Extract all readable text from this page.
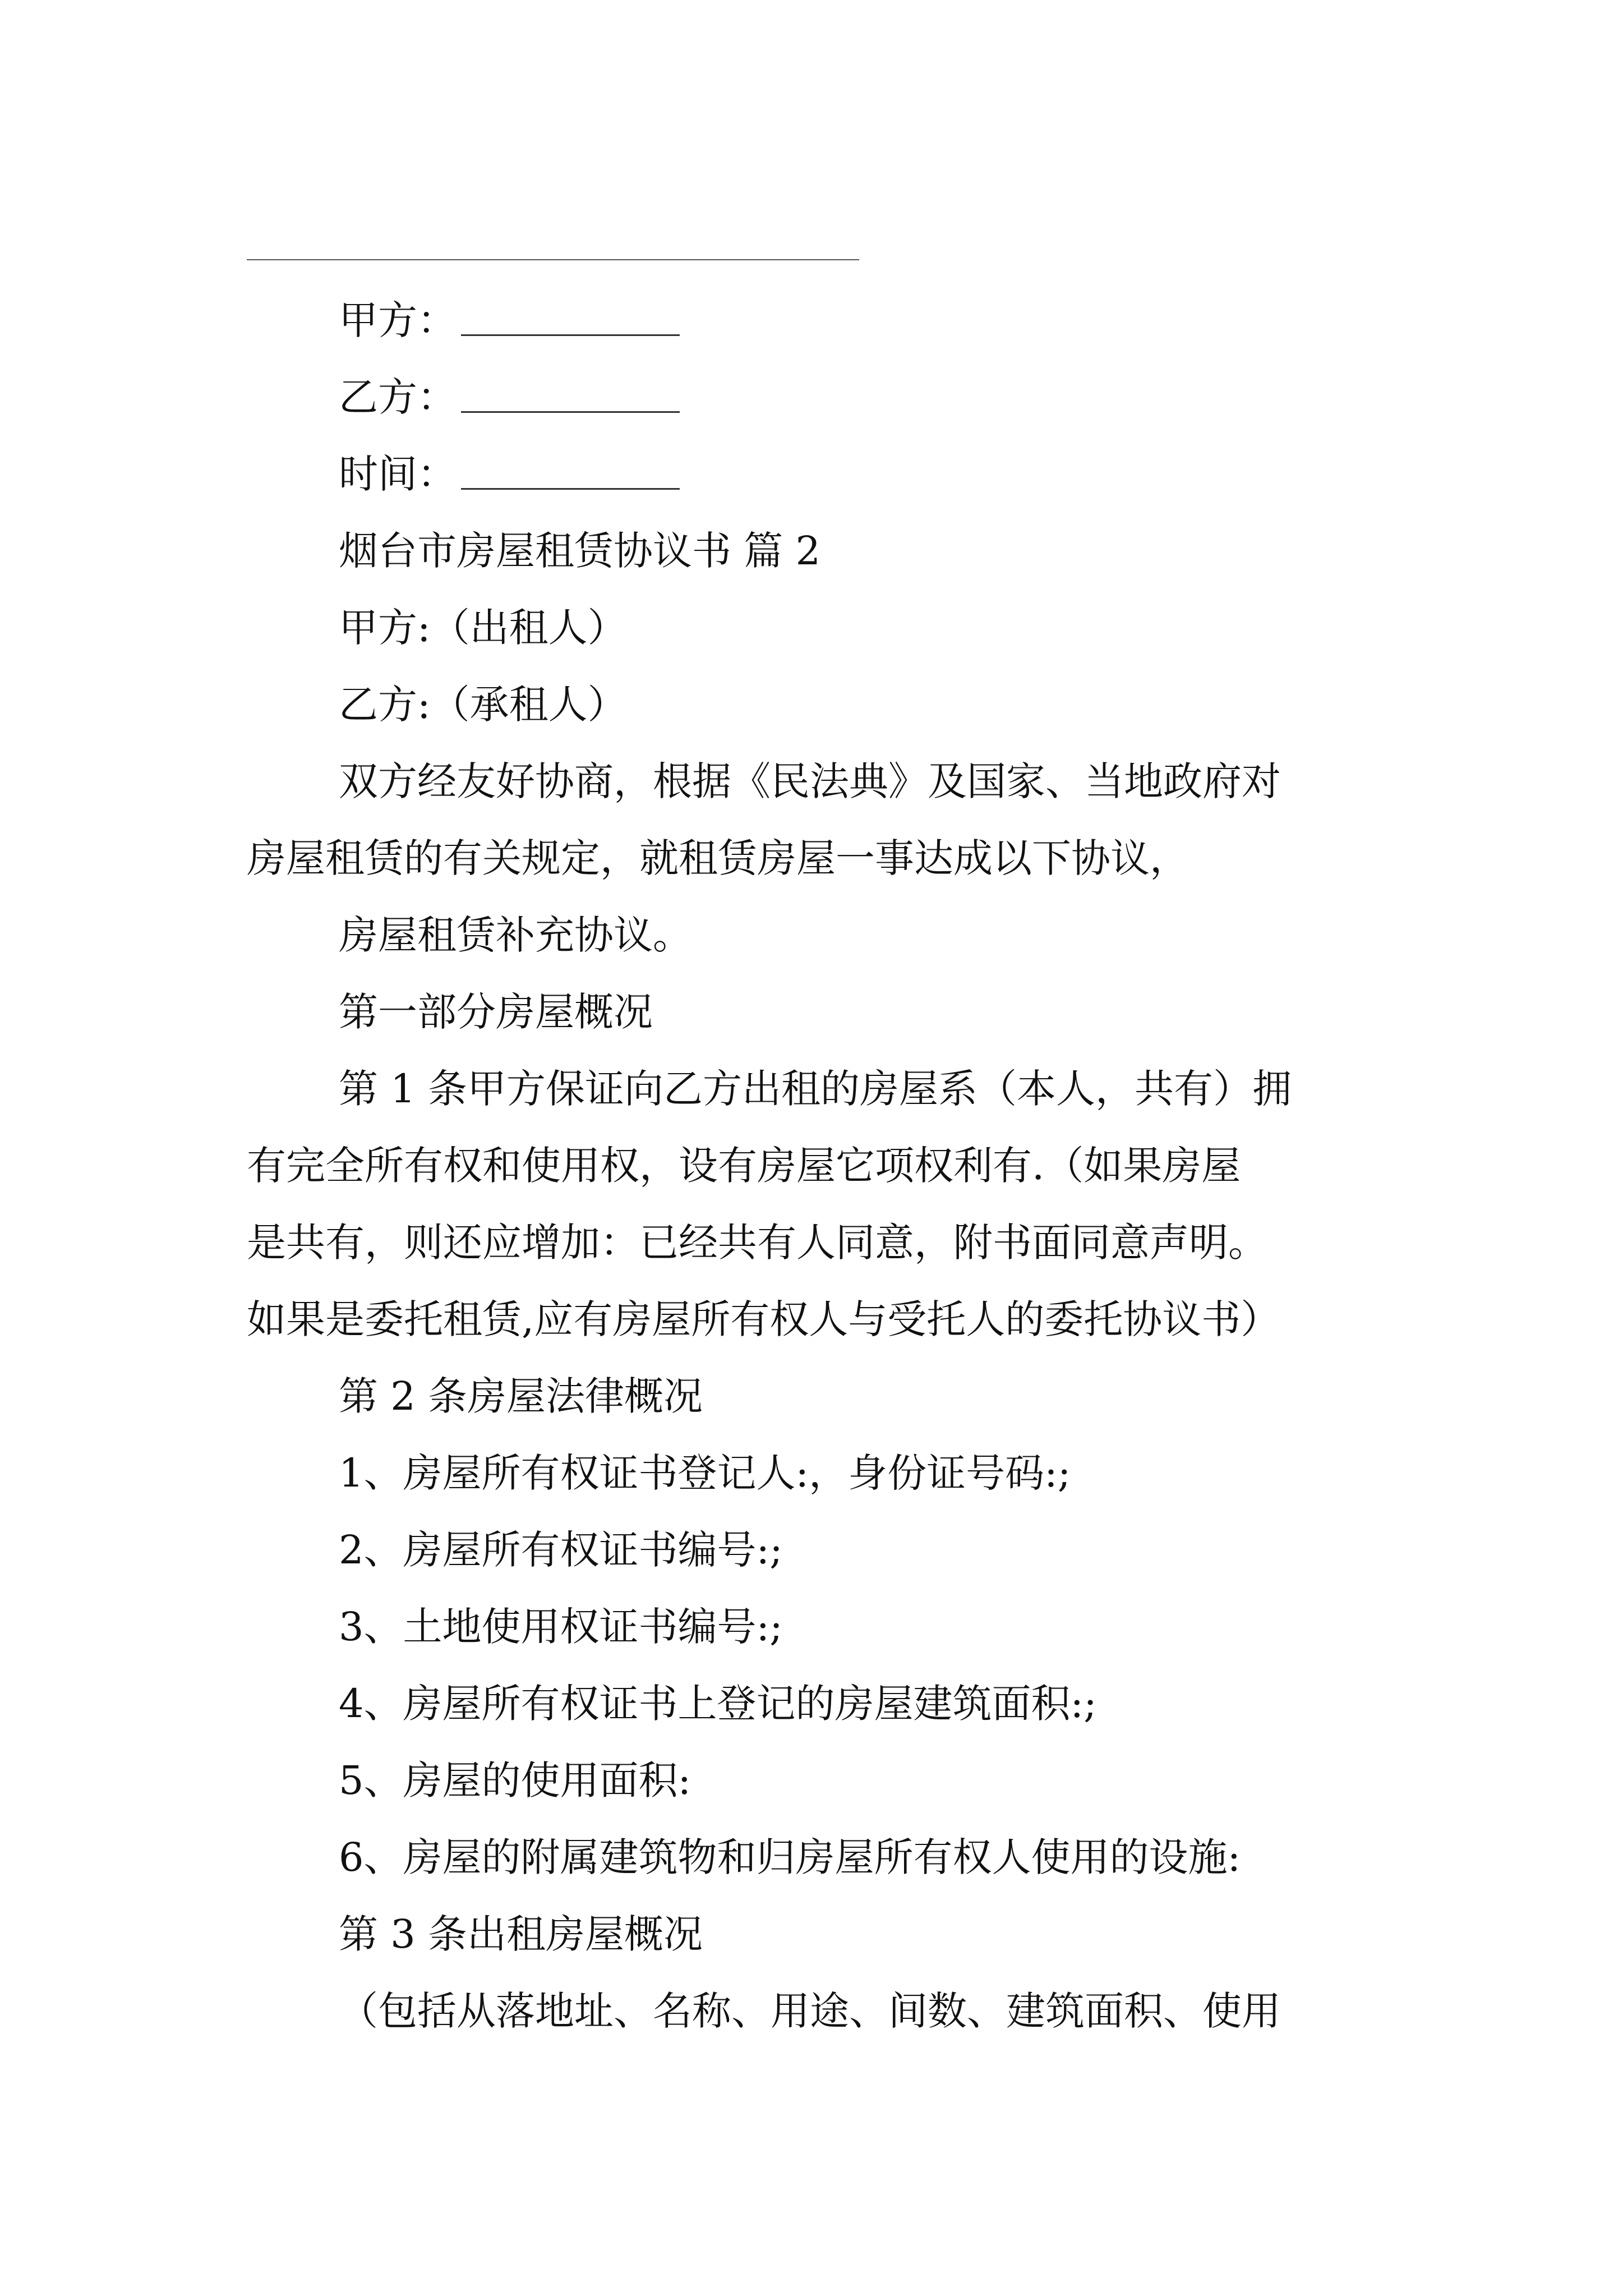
甲方：
乙方：
时间：
烟台市房屋租赁协议书 篇 2
甲方:（出租人）
乙方:（承租人）
双方经友好协商，根据《民法典》及国家、当地政府对
房屋租赁的有关规定，就租赁房屋一事达成以下协议，
房屋租赁补充协议。
第一部分房屋概况
第 1 条甲方保证向乙方出租的房屋系（本人，共有）拥
有完全所有权和使用权，设有房屋它项权利有.（如果房屋
是共有，则还应增加：已经共有人同意，附书面同意声明。
如果是委托租赁,应有房屋所有权人与受托人的委托协议书）
第 2 条房屋法律概况
1、房屋所有权证书登记人:，身份证号码:;
2、房屋所有权证书编号:;
3、土地使用权证书编号:;
4、房屋所有权证书上登记的房屋建筑面积:;
5、房屋的使用面积:
6、房屋的附属建筑物和归房屋所有权人使用的设施:
第 3 条出租房屋概况
（包括从落地址、名称、用途、间数、建筑面积、使用
